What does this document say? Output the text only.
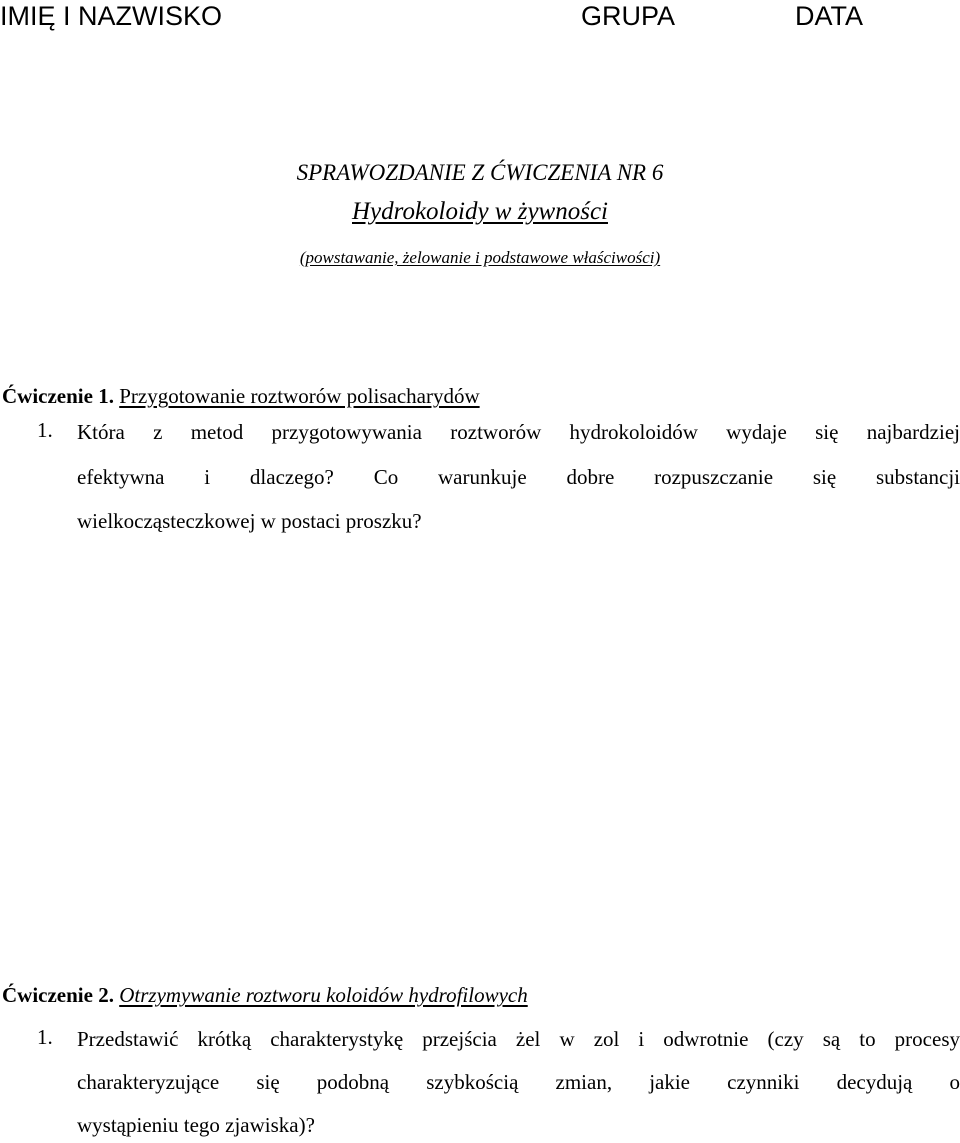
IMIĘ I NAZWISKO	GRUPA	DATA
SPRAWOZDANIE Z ĆWICZENIA NR 6
Hydrokoloidy w żywności
(powstawanie, żelowanie i podstawowe właściwości)
Ćwiczenie 1. Przygotowanie roztworów polisacharydów
1. Która z metod przygotowywania roztworów hydrokoloidów wydaje się najbardziej
efektywna i dlaczego? Co warunkuje dobre rozpuszczanie się substancji
wielkocząsteczkowej w postaci proszku?
Ćwiczenie 2. Otrzymywanie roztworu koloidów hydrofilowych
1. Przedstawić krótką charakterystykę przejścia żel w zol i odwrotnie (czy są to procesy
charakteryzujące się podobną szybkością zmian, jakie czynniki decydują o
wystąpieniu tego zjawiska)?
